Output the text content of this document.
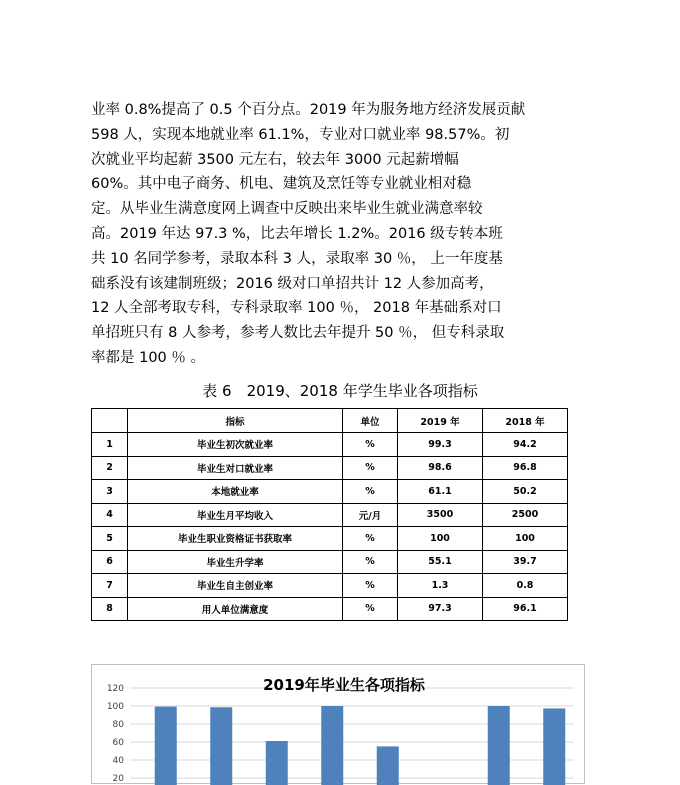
业率 0.8%提高了 0.5 个百分点。2019 年为服务地方经济发展贡献
598 人，实现本地就业率 61.1%，专业对口就业率 98.57%。初
次就业平均起薪 3500 元左右，较去年 3000 元起薪增幅
60%。其中电子商务、机电、建筑及烹饪等专业就业相对稳
定。从毕业生满意度网上调查中反映出来毕业生就业满意率较
高。2019 年达 97.3 %，比去年增长 1.2%。2016 级专转本班
共 10 名同学参考，录取本科 3 人，录取率 30 ％， 上一年度基
础系没有该建制班级；2016 级对口单招共计 12 人参加高考，
12 人全部考取专科，专科录取率 100 ％， 2018 年基础系对口
单招班只有 8 人参考，参考人数比去年提升 50 ％， 但专科录取
率都是 100 ％ 。
表 6　2019、2018 年学生毕业各项指标
	指标	单位	2019 年	2018 年
1	毕业生初次就业率	%	99.3	94.2
2	毕业生对口就业率	%	98.6	96.8
3	本地就业率	%	61.1	50.2
4	毕业生月平均收入	元/月	3500	2500
5	毕业生职业资格证书获取率	%	100	100
6	毕业生升学率	%	55.1	39.7
7	毕业生自主创业率	%	1.3	0.8
8	用人单位满意度	%	97.3	96.1
120
100
80
60
40
20
2019年毕业生各项指标
